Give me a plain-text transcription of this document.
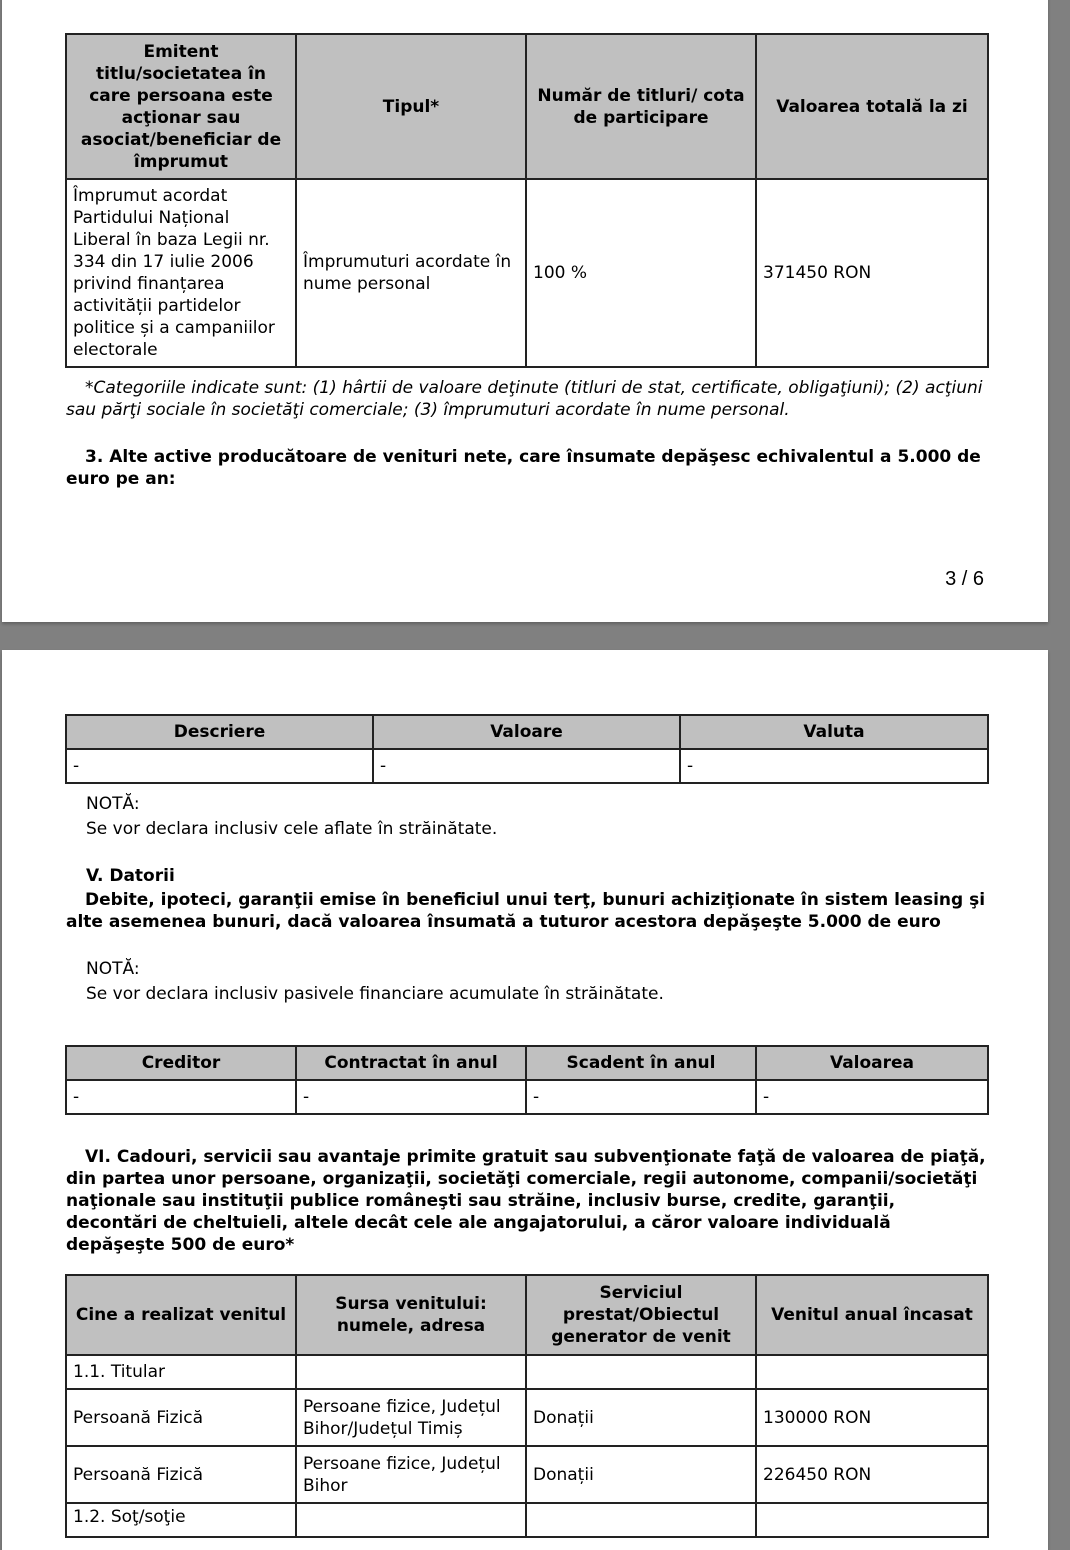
Emitent titlu/societatea în care persoana este acţionar sau asociat/beneficiar de împrumut	Tipul*	Număr de titluri/ cota de participare	Valoarea totală la zi
Împrumut acordat Partidului Național Liberal în baza Legii nr. 334 din 17 iulie 2006 privind finanțarea activității partidelor politice și a campaniilor electorale	Împrumuturi acordate în nume personal	100 %	371450 RON
*Categoriile indicate sunt: (1) hârtii de valoare deţinute (titluri de stat, certificate, obligaţiuni); (2) acţiuni sau părţi sociale în societăţi comerciale; (3) împrumuturi acordate în nume personal.
3. Alte active producătoare de venituri nete, care însumate depăşesc echivalentul a 5.000 de euro pe an:
3 / 6
Descriere	Valoare	Valuta
-	-	-
NOTĂ:
Se vor declara inclusiv cele aflate în străinătate.
V. Datorii
Debite, ipoteci, garanţii emise în beneficiul unui terţ, bunuri achiziţionate în sistem leasing şi alte asemenea bunuri, dacă valoarea însumată a tuturor acestora depăşeşte 5.000 de euro
NOTĂ:
Se vor declara inclusiv pasivele financiare acumulate în străinătate.
Creditor	Contractat în anul	Scadent în anul	Valoarea
-	-	-	-
VI. Cadouri, servicii sau avantaje primite gratuit sau subvenţionate faţă de valoarea de piaţă, din partea unor persoane, organizaţii, societăţi comerciale, regii autonome, companii/societăţi naţionale sau instituţii publice româneşti sau străine, inclusiv burse, credite, garanţii, decontări de cheltuieli, altele decât cele ale angajatorului, a căror valoare individuală depăşeşte 500 de euro*
Cine a realizat venitul	Sursa venitului: numele, adresa	Serviciul prestat/Obiectul generator de venit	Venitul anual încasat
1.1. Titular			
Persoană Fizică	Persoane fizice, Județul Bihor/Județul Timiș	Donații	130000 RON
Persoană Fizică	Persoane fizice, Județul Bihor	Donații	226450 RON
1.2. Soţ/soţie			
